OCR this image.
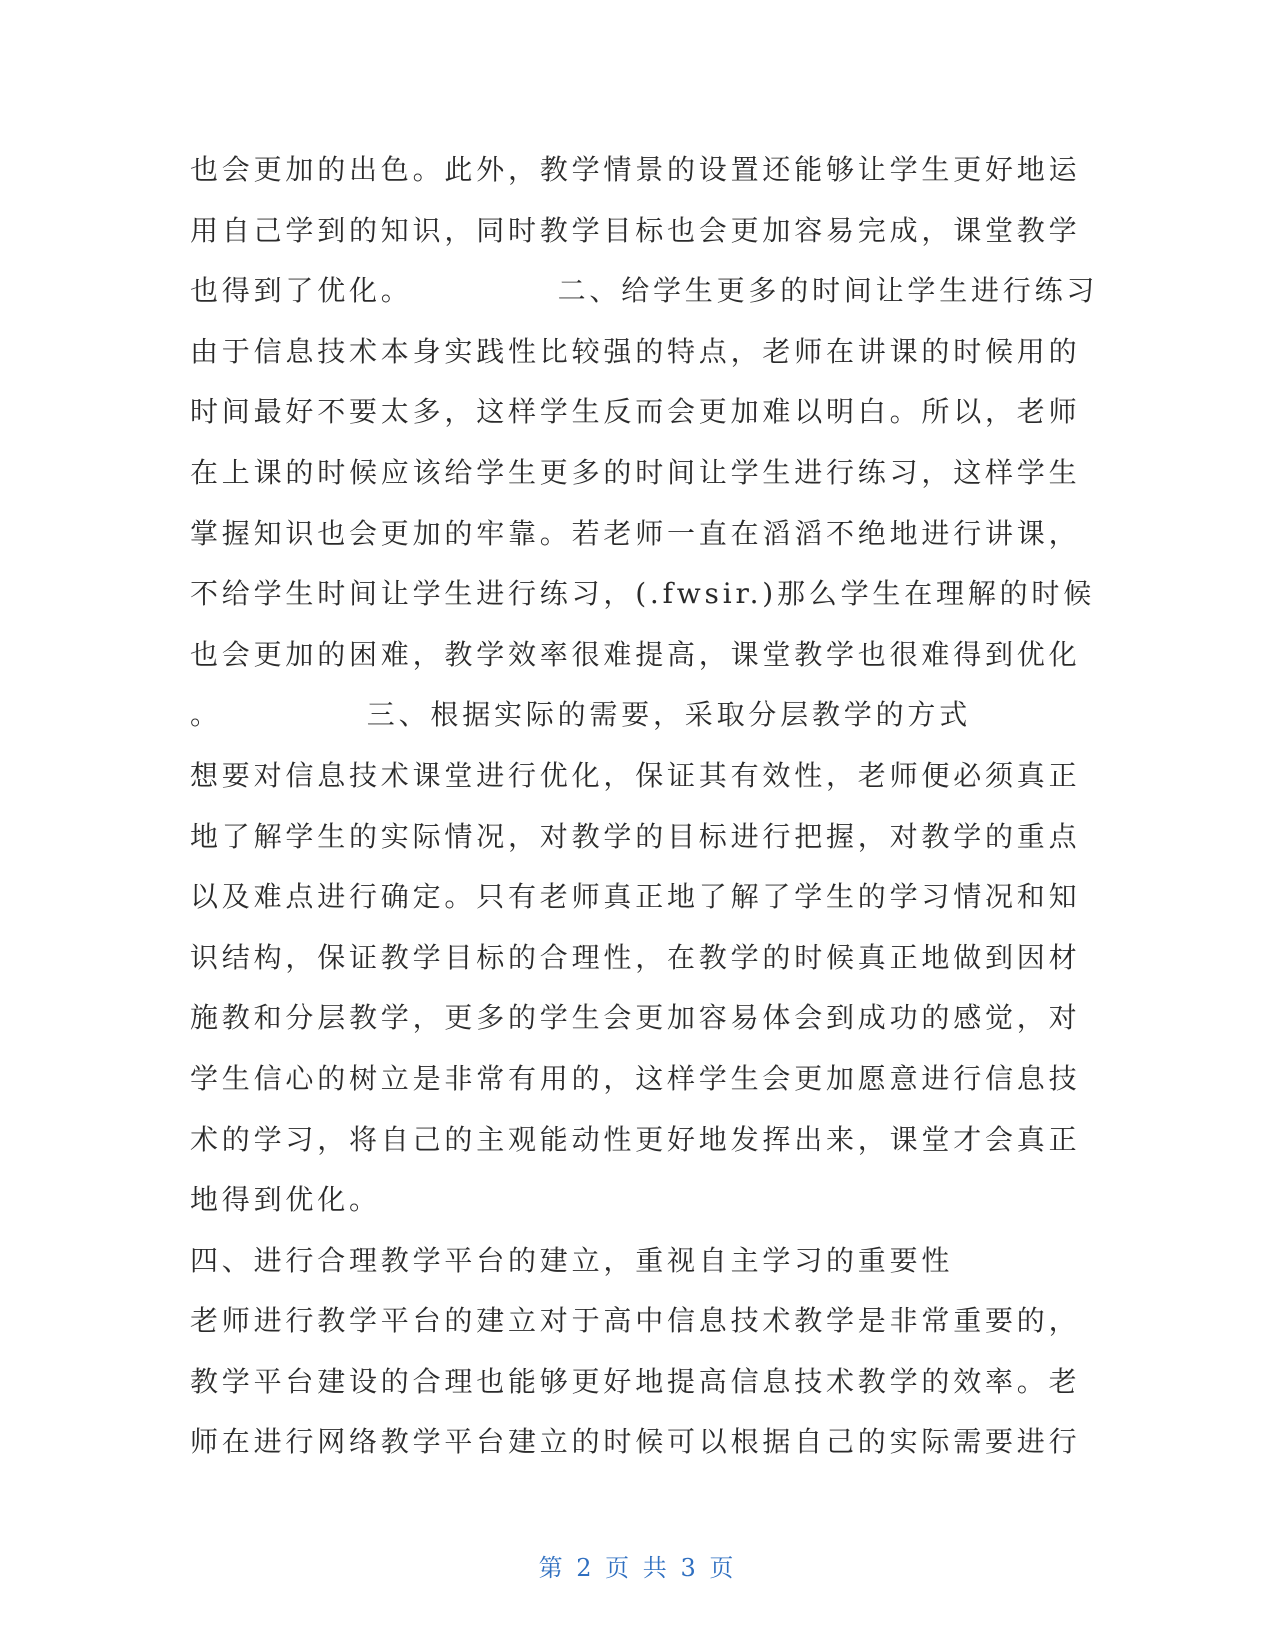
也会更加的出色。此外，教学情景的设置还能够让学生更好地运
用自己学到的知识，同时教学目标也会更加容易完成，课堂教学
也得到了优化。　　　　　二、给学生更多的时间让学生进行练习
由于信息技术本身实践性比较强的特点，老师在讲课的时候用的
时间最好不要太多，这样学生反而会更加难以明白。所以，老师
在上课的时候应该给学生更多的时间让学生进行练习，这样学生
掌握知识也会更加的牢靠。若老师一直在滔滔不绝地进行讲课，
不给学生时间让学生进行练习，(.fwsir.)那么学生在理解的时候
也会更加的困难，教学效率很难提高，课堂教学也很难得到优化
。　　　　　三、根据实际的需要，采取分层教学的方式
想要对信息技术课堂进行优化，保证其有效性，老师便必须真正
地了解学生的实际情况，对教学的目标进行把握，对教学的重点
以及难点进行确定。只有老师真正地了解了学生的学习情况和知
识结构，保证教学目标的合理性，在教学的时候真正地做到因材
施教和分层教学，更多的学生会更加容易体会到成功的感觉，对
学生信心的树立是非常有用的，这样学生会更加愿意进行信息技
术的学习，将自己的主观能动性更好地发挥出来，课堂才会真正
地得到优化。
四、进行合理教学平台的建立，重视自主学习的重要性
老师进行教学平台的建立对于高中信息技术教学是非常重要的，
教学平台建设的合理也能够更好地提高信息技术教学的效率。老
师在进行网络教学平台建立的时候可以根据自己的实际需要进行
第 2 页 共 3 页
